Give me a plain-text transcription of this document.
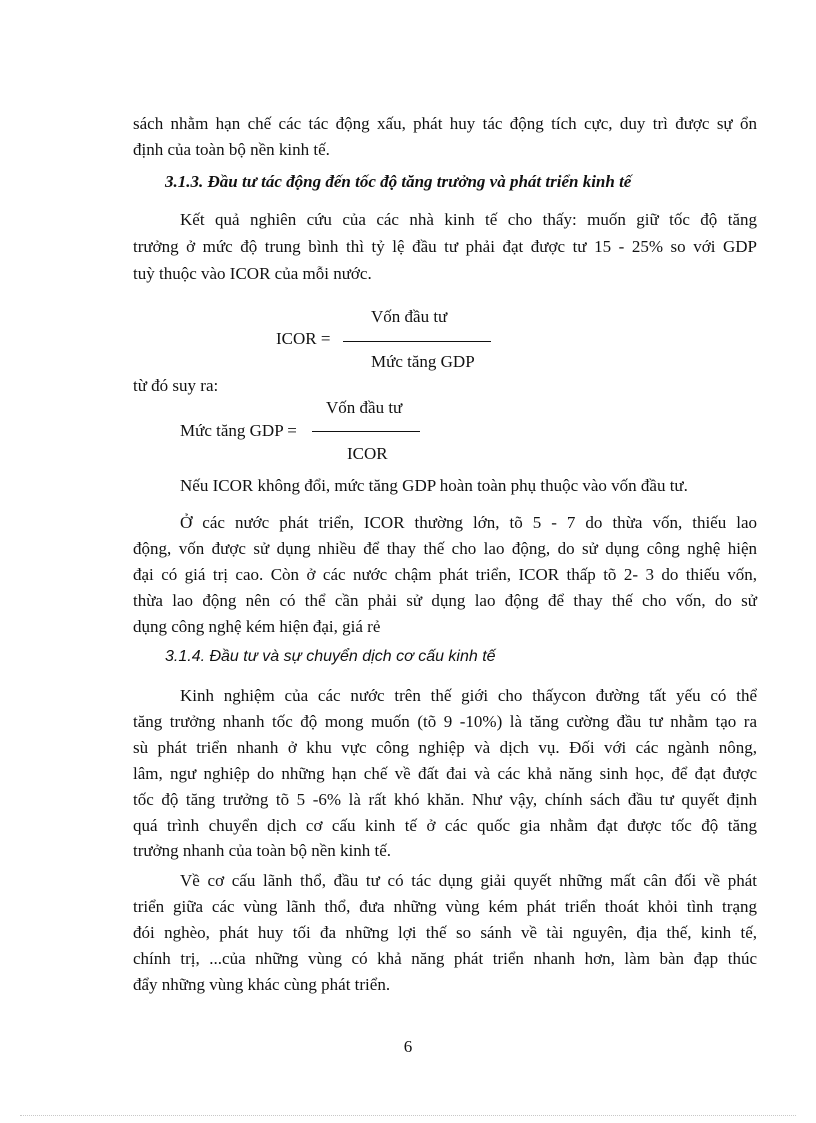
sách nhằm hạn chế các tác động xấu, phát huy tác động tích cực, duy trì được sự ổn

định của toàn bộ nền kinh tế.

3.1.3. Đầu tư tác động đến tốc độ tăng trưởng và phát triển kinh tế

Kết quả nghiên cứu của các nhà kinh tế cho thấy: muốn giữ tốc độ tăng

trưởng ở mức độ trung bình thì tỷ lệ đầu tư phải đạt được tư 15 - 25% so với GDP

tuỳ thuộc vào ICOR của mỗi nước.

Vốn đầu tư
ICOR =
Mức tăng GDP

từ đó suy ra:

Vốn đầu tư
Mức tăng GDP =
ICOR

Nếu ICOR không đổi, mức tăng GDP hoàn toàn phụ thuộc vào vốn đầu tư.

Ở các nước phát triển, ICOR thường lớn, tõ 5 - 7 do thừa vốn, thiếu lao

động, vốn được sử dụng nhiều để thay thế cho lao động, do sử dụng công nghệ hiện

đại có giá trị cao. Còn ở các nước chậm phát triển, ICOR thấp tõ 2- 3 do thiếu vốn,

thừa lao động nên có thể cần phải sử dụng lao động để thay thế cho vốn, do sử

dụng công nghệ kém hiện đại, giá rẻ

3.1.4. Đầu tư và sự chuyển dịch cơ cấu kinh tế

Kinh nghiệm của các nước trên thế giới cho thấycon đường tất yếu có thể

tăng trưởng nhanh tốc độ mong muốn (tõ 9 -10%) là tăng cường đầu tư nhằm tạo ra

sù phát triển nhanh ở khu vực công nghiệp và dịch vụ. Đối với các ngành nông,

lâm, ngư nghiệp do những hạn chế về đất đai và các khả năng sinh học, để đạt được

tốc độ tăng trưởng tõ 5 -6% là rất khó khăn. Như vậy, chính sách đầu tư quyết định

quá trình chuyển dịch cơ cấu kinh tế ở các quốc gia nhằm đạt được tốc độ tăng

trưởng nhanh của toàn bộ nền kinh tế.

Về cơ cấu lãnh thổ, đầu tư có tác dụng giải quyết những mất cân đối về phát

triển giữa các vùng lãnh thổ, đưa những vùng kém phát triển thoát khỏi tình trạng

đói nghèo, phát huy tối đa những lợi thế so sánh về tài nguyên, địa thế, kinh tế,

chính trị, ...của những vùng có khả năng phát triển nhanh hơn, làm bàn đạp thúc

đẩy những vùng khác cùng phát triển.

6
